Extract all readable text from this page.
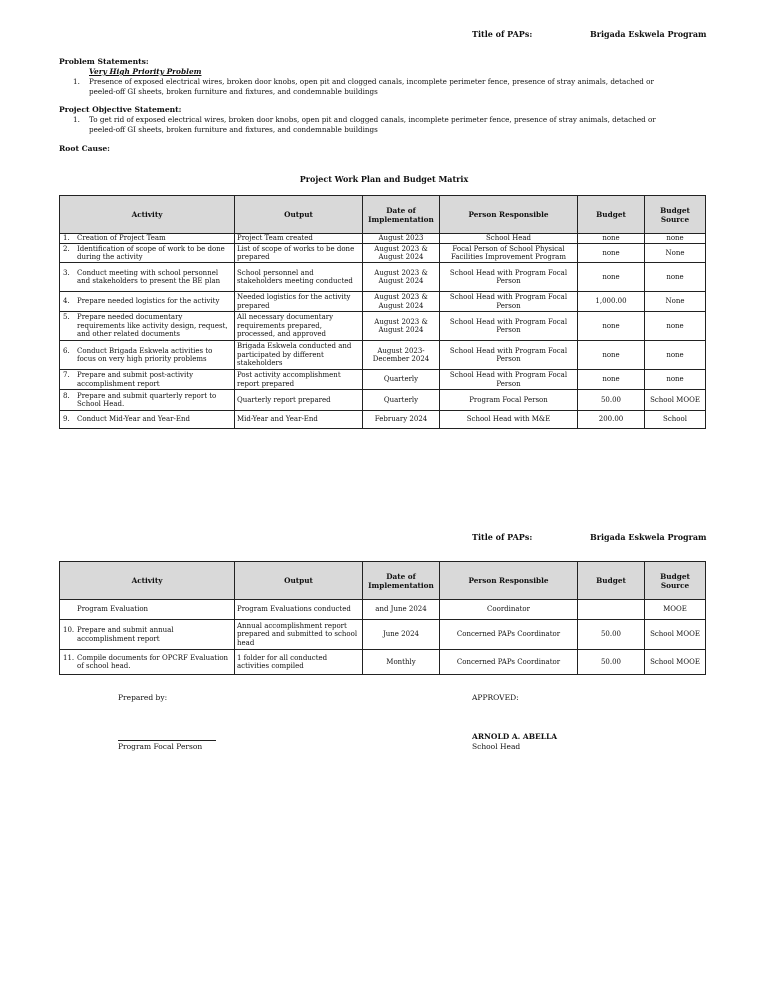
Title of PAPs:	Brigada Eskwela Program
Problem Statements:
Very High Priority Problem
1. Presence of exposed electrical wires, broken door knobs, open pit and clogged canals, incomplete perimeter fence, presence of stray animals, detached or
peeled-off GI sheets, broken furniture and fixtures, and condemnable buildings
Project Objective Statement:
1. To get rid of exposed electrical wires, broken door knobs, open pit and clogged canals, incomplete perimeter fence, presence of stray animals, detached or
peeled-off GI sheets, broken furniture and fixtures, and condemnable buildings
Root Cause:
Project Work Plan and Budget Matrix
Activity	Output	Date of Implementation	Person Responsible	Budget	Budget Source
1. Creation of Project Team	Project Team created	August 2023	School Head	none	none
2. Identification of scope of work to be done during the activity	List of scope of works to be done prepared	August 2023 & August 2024	Focal Person of School Physical Facilities Improvement Program	none	None
3. Conduct meeting with school personnel and stakeholders to present the BE plan	School personnel and stakeholders meeting conducted	August 2023 & August 2024	School Head with Program Focal Person	none	none
4. Prepare needed logistics for the activity	Needed logistics for the activity prepared	August 2023 & August 2024	School Head with Program Focal Person	1,000.00	None
5. Prepare needed documentary requirements like activity design, request, and other related documents	All necessary documentary requirements prepared, processed, and approved	August 2023 & August 2024	School Head with Program Focal Person	none	none
6. Conduct Brigada Eskwela activities to focus on very high priority problems	Brigada Eskwela conducted and participated by different stakeholders	August 2023- December 2024	School Head with Program Focal Person	none	none
7. Prepare and submit post-activity accomplishment report	Post activity accomplishment report prepared	Quarterly	School Head with Program Focal Person	none	none
8. Prepare and submit quarterly report to School Head.	Quarterly report prepared	Quarterly	Program Focal Person	50.00	School MOOE
9. Conduct Mid-Year and Year-End	Mid-Year and Year-End	February 2024	School Head with M&E	200.00	School
Title of PAPs:	Brigada Eskwela Program
Activity	Output	Date of Implementation	Person Responsible	Budget	Budget Source
Program Evaluation	Program Evaluations conducted	and June 2024	Coordinator		MOOE
10. Prepare and submit annual accomplishment report	Annual accomplishment report prepared and submitted to school head	June 2024	Concerned PAPs Coordinator	50.00	School MOOE
11. Compile documents for OPCRF Evaluation of school head.	1 folder for all conducted activities compiled	Monthly	Concerned PAPs Coordinator	50.00	School MOOE
Prepared by:	APPROVED:
Program Focal Person
ARNOLD A. ABELLA
School Head
